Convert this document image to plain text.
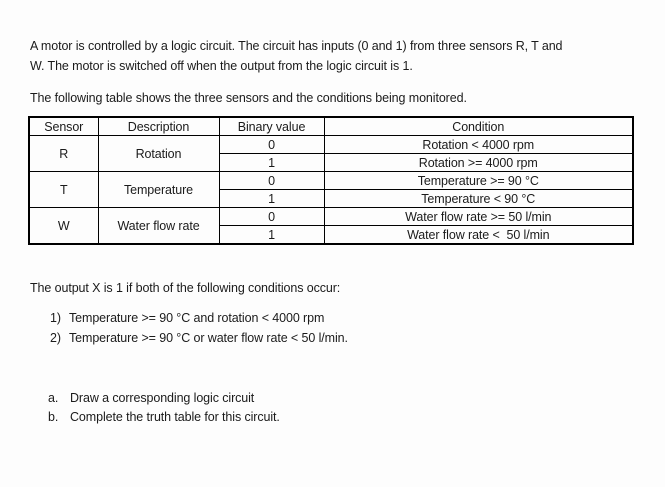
A motor is controlled by a logic circuit. The circuit has inputs (0 and 1) from three sensors R, T and
W. The motor is switched off when the output from the logic circuit is 1.
The following table shows the three sensors and the conditions being monitored.
Sensor	Description	Binary value	Condition
R	Rotation	0	Rotation < 4000 rpm
		1	Rotation >= 4000 rpm
T	Temperature	0	Temperature >= 90 °C
		1	Temperature < 90 °C
W	Water flow rate	0	Water flow rate >= 50 l/min
		1	Water flow rate <  50 l/min
The output X is 1 if both of the following conditions occur:
1) Temperature >= 90 °C and rotation < 4000 rpm
2) Temperature >= 90 °C or water flow rate < 50 l/min.
a. Draw a corresponding logic circuit
b. Complete the truth table for this circuit.
